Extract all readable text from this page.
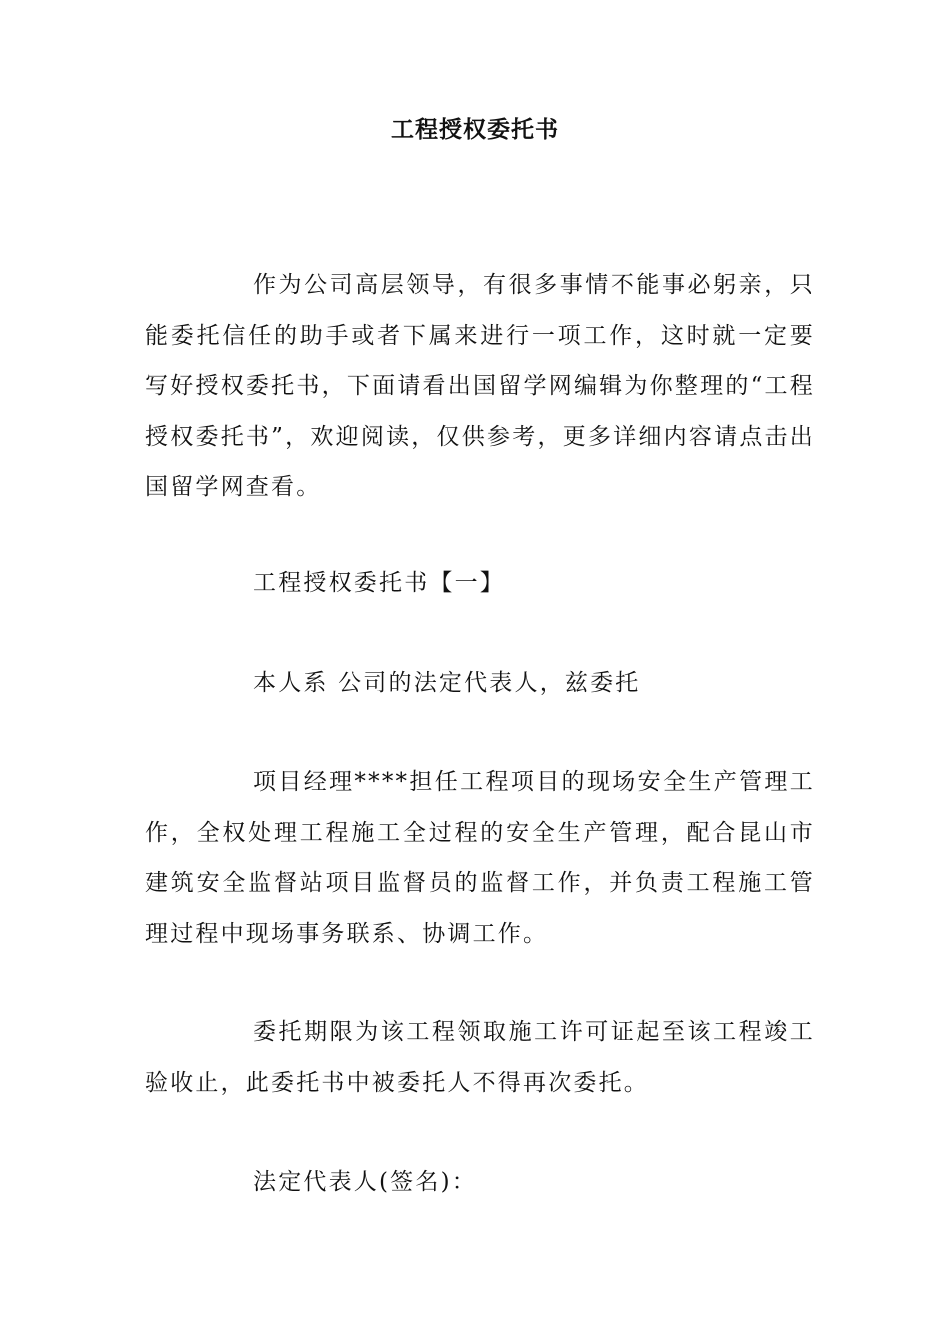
工程授权委托书

作为公司高层领导，有很多事情不能事必躬亲，只能委托信任的助手或者下属来进行一项工作，这时就一定要写好授权委托书，下面请看出国留学网编辑为你整理的“工程授权委托书”，欢迎阅读，仅供参考，更多详细内容请点击出国留学网查看。

工程授权委托书【一】

本人系 公司的法定代表人，兹委托

项目经理****担任工程项目的现场安全生产管理工作，全权处理工程施工全过程的安全生产管理，配合昆山市建筑安全监督站项目监督员的监督工作，并负责工程施工管理过程中现场事务联系、协调工作。

委托期限为该工程领取施工许可证起至该工程竣工验收止，此委托书中被委托人不得再次委托。

法定代表人(签名)：
